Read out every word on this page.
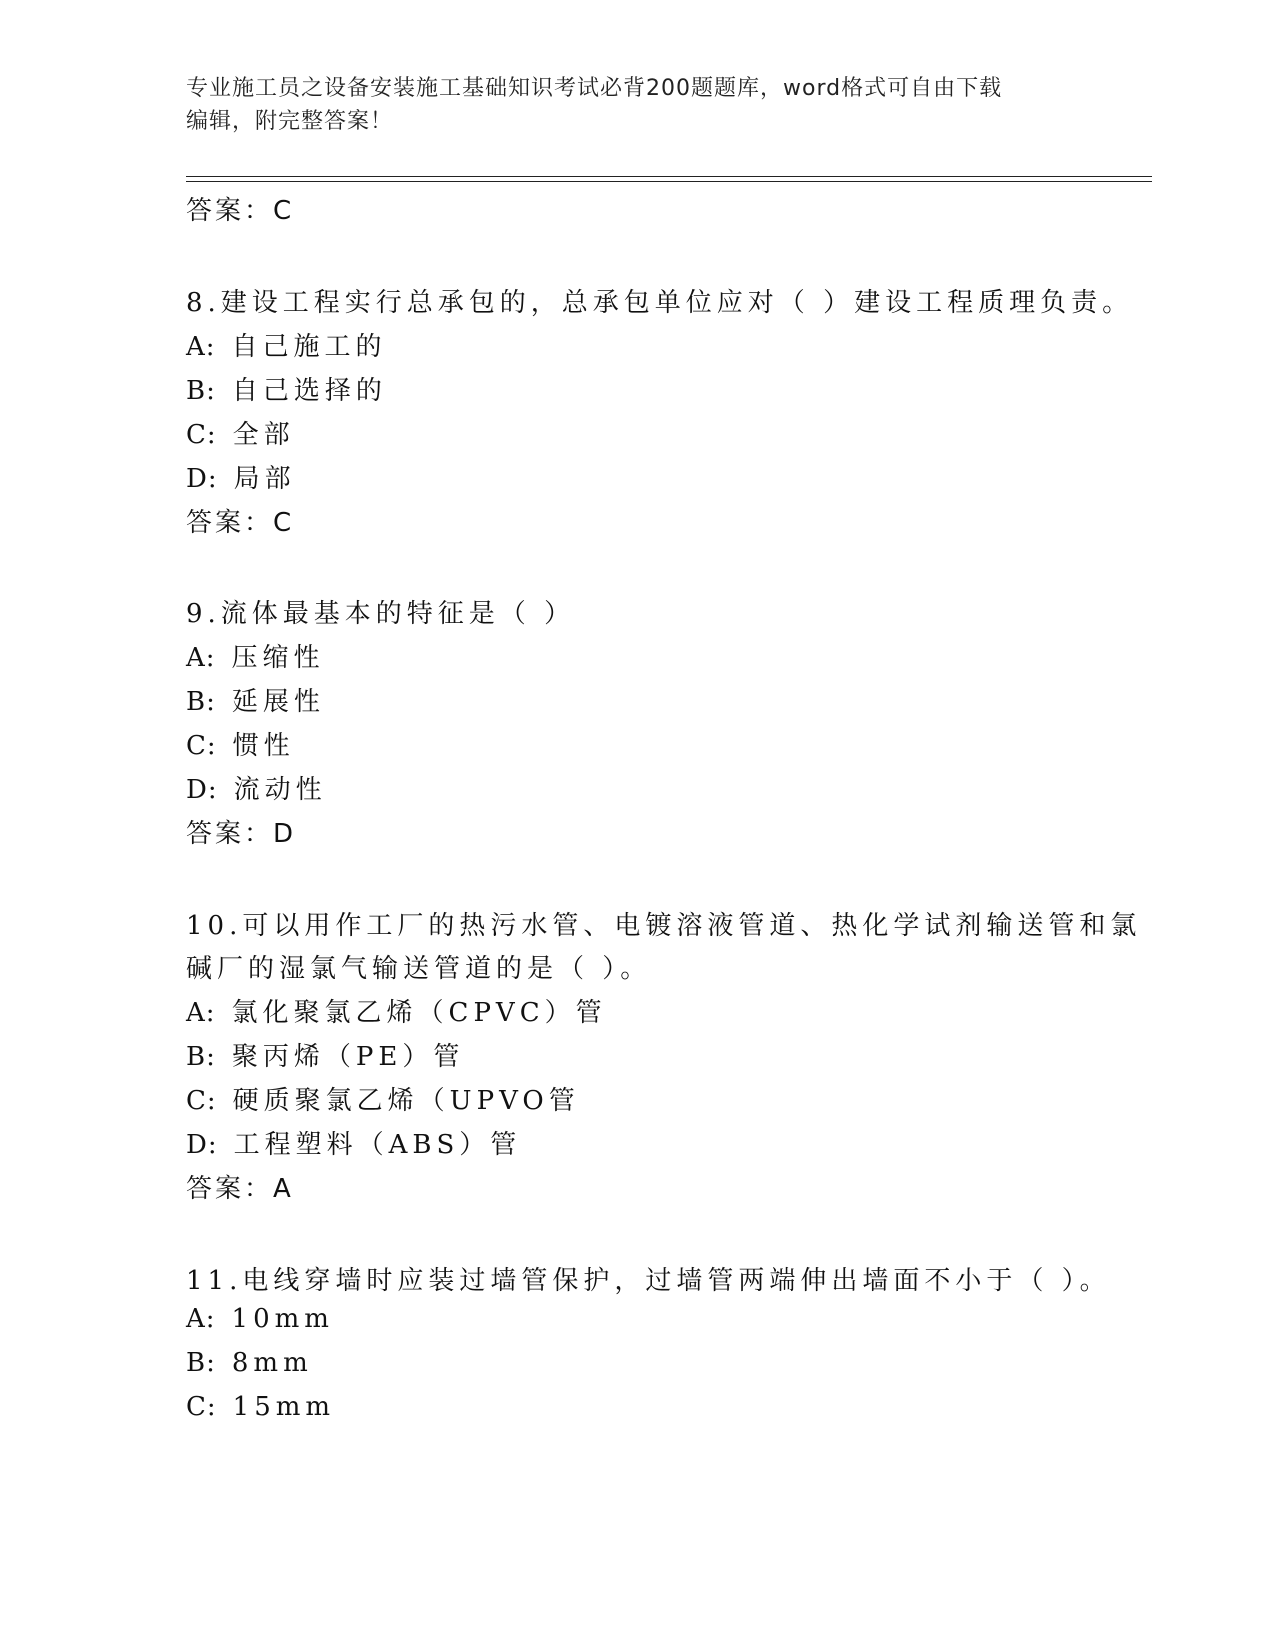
专业施工员之设备安装施工基础知识考试必背200题题库，word格式可自由下载
编辑，附完整答案！
答案：C
8.建设工程实行总承包的，总承包单位应对（ ）建设工程质理负责。
A: 自己施工的
B: 自己选择的
C: 全部
D: 局部
答案：C
9.流体最基本的特征是（ ）
A: 压缩性
B: 延展性
C: 惯性
D: 流动性
答案：D
10.可以用作工厂的热污水管、电镀溶液管道、热化学试剂输送管和氯
碱厂的湿氯气输送管道的是（ ）。
A: 氯化聚氯乙烯（CPVC）管
B: 聚丙烯（PE）管
C: 硬质聚氯乙烯（UPVO管
D: 工程塑料（ABS）管
答案：A
11.电线穿墙时应装过墙管保护，过墙管两端伸出墙面不小于（ ）。
A: 10mm
B: 8mm
C: 15mm
